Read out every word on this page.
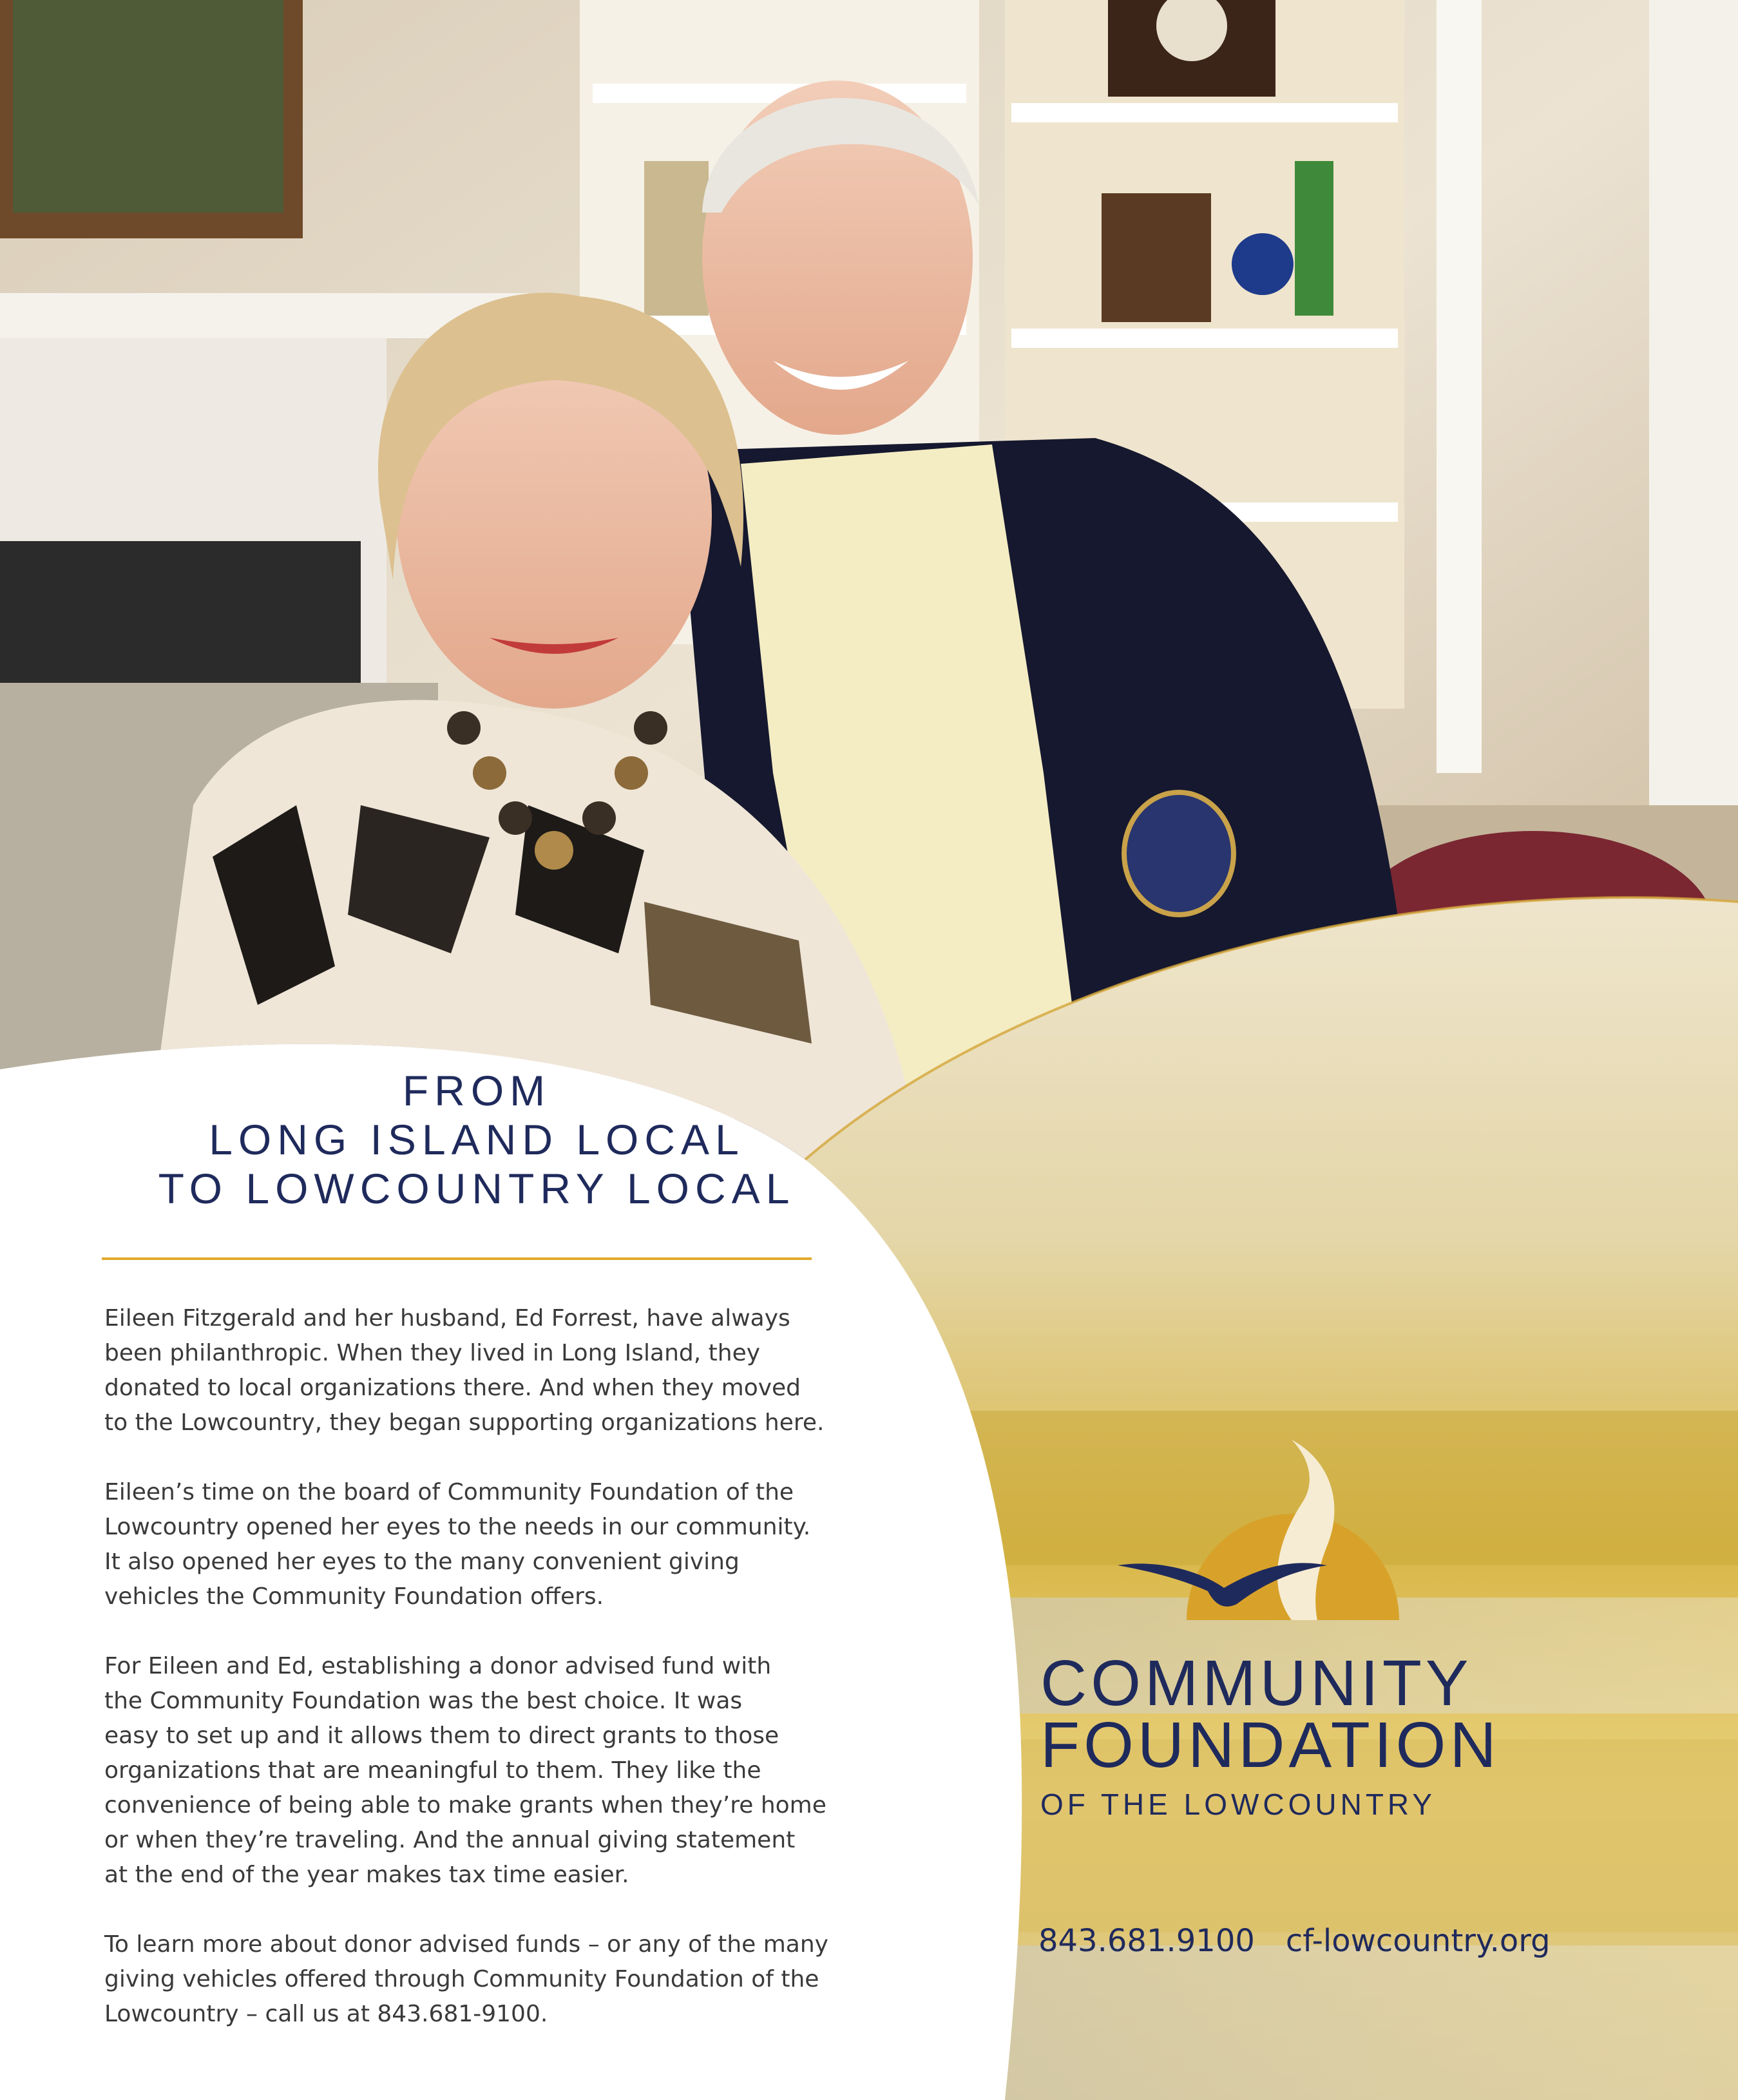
FROM
LONG ISLAND LOCAL
TO LOWCOUNTRY LOCAL

Eileen Fitzgerald and her husband, Ed Forrest, have always
been philanthropic. When they lived in Long Island, they
donated to local organizations there. And when they moved
to the Lowcountry, they began supporting organizations here.

Eileen’s time on the board of Community Foundation of the
Lowcountry opened her eyes to the needs in our community.
It also opened her eyes to the many convenient giving
vehicles the Community Foundation offers.

For Eileen and Ed, establishing a donor advised fund with
the Community Foundation was the best choice. It was
easy to set up and it allows them to direct grants to those
organizations that are meaningful to them. They like the
convenience of being able to make grants when they’re home
or when they’re traveling. And the annual giving statement
at the end of the year makes tax time easier.

To learn more about donor advised funds – or any of the many
giving vehicles offered through Community Foundation of the
Lowcountry – call us at 843.681-9100.

COMMUNITY
FOUNDATION
OF THE LOWCOUNTRY
843.681.9100 cf-lowcountry.org
